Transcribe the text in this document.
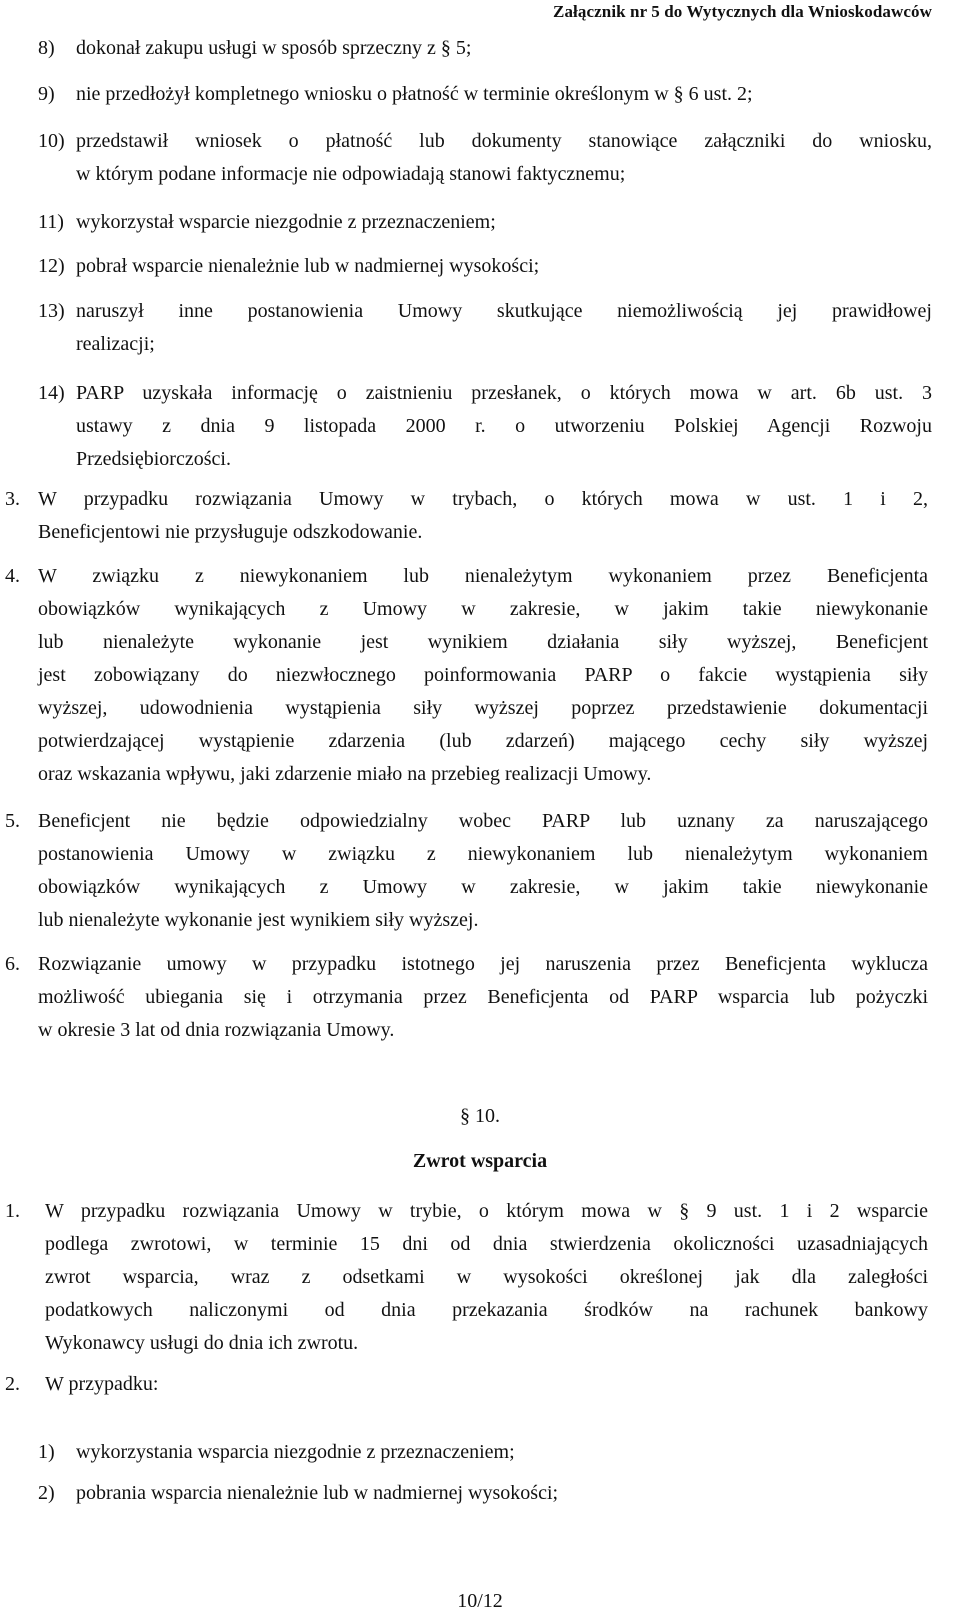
Załącznik nr 5 do Wytycznych dla Wnioskodawców
8) dokonał zakupu usługi w sposób sprzeczny z § 5;
9) nie przedłożył kompletnego wniosku o płatność w terminie określonym w § 6 ust. 2;
10) przedstawił wniosek o płatność lub dokumenty stanowiące załączniki do wniosku,
w którym podane informacje nie odpowiadają stanowi faktycznemu;
11) wykorzystał wsparcie niezgodnie z przeznaczeniem;
12) pobrał wsparcie nienależnie lub w nadmiernej wysokości;
13) naruszył inne postanowienia Umowy skutkujące niemożliwością jej prawidłowej
realizacji;
14) PARP uzyskała informację o zaistnieniu przesłanek, o których mowa w art. 6b ust. 3
ustawy z dnia 9 listopada 2000 r. o utworzeniu Polskiej Agencji Rozwoju
Przedsiębiorczości.
3. W przypadku rozwiązania Umowy w trybach, o których mowa w ust. 1 i 2,
Beneficjentowi nie przysługuje odszkodowanie.
4. W związku z niewykonaniem lub nienależytym wykonaniem przez Beneficjenta
obowiązków wynikających z Umowy w zakresie, w jakim takie niewykonanie
lub nienależyte wykonanie jest wynikiem działania siły wyższej, Beneficjent
jest zobowiązany do niezwłocznego poinformowania PARP o fakcie wystąpienia siły
wyższej, udowodnienia wystąpienia siły wyższej poprzez przedstawienie dokumentacji
potwierdzającej wystąpienie zdarzenia (lub zdarzeń) mającego cechy siły wyższej
oraz wskazania wpływu, jaki zdarzenie miało na przebieg realizacji Umowy.
5. Beneficjent nie będzie odpowiedzialny wobec PARP lub uznany za naruszającego
postanowienia Umowy w związku z niewykonaniem lub nienależytym wykonaniem
obowiązków wynikających z Umowy w zakresie, w jakim takie niewykonanie
lub nienależyte wykonanie jest wynikiem siły wyższej.
6. Rozwiązanie umowy w przypadku istotnego jej naruszenia przez Beneficjenta wyklucza
możliwość ubiegania się i otrzymania przez Beneficjenta od PARP wsparcia lub pożyczki
w okresie 3 lat od dnia rozwiązania Umowy.
1. W przypadku rozwiązania Umowy w trybie, o którym mowa w § 9 ust. 1 i 2 wsparcie
podlega zwrotowi, w terminie 15 dni od dnia stwierdzenia okoliczności uzasadniających
zwrot wsparcia, wraz z odsetkami w wysokości określonej jak dla zaległości
podatkowych naliczonymi od dnia przekazania środków na rachunek bankowy
Wykonawcy usługi do dnia ich zwrotu.
2. W przypadku:
1) wykorzystania wsparcia niezgodnie z przeznaczeniem;
2) pobrania wsparcia nienależnie lub w nadmiernej wysokości;
§ 10.
Zwrot wsparcia
10/12
